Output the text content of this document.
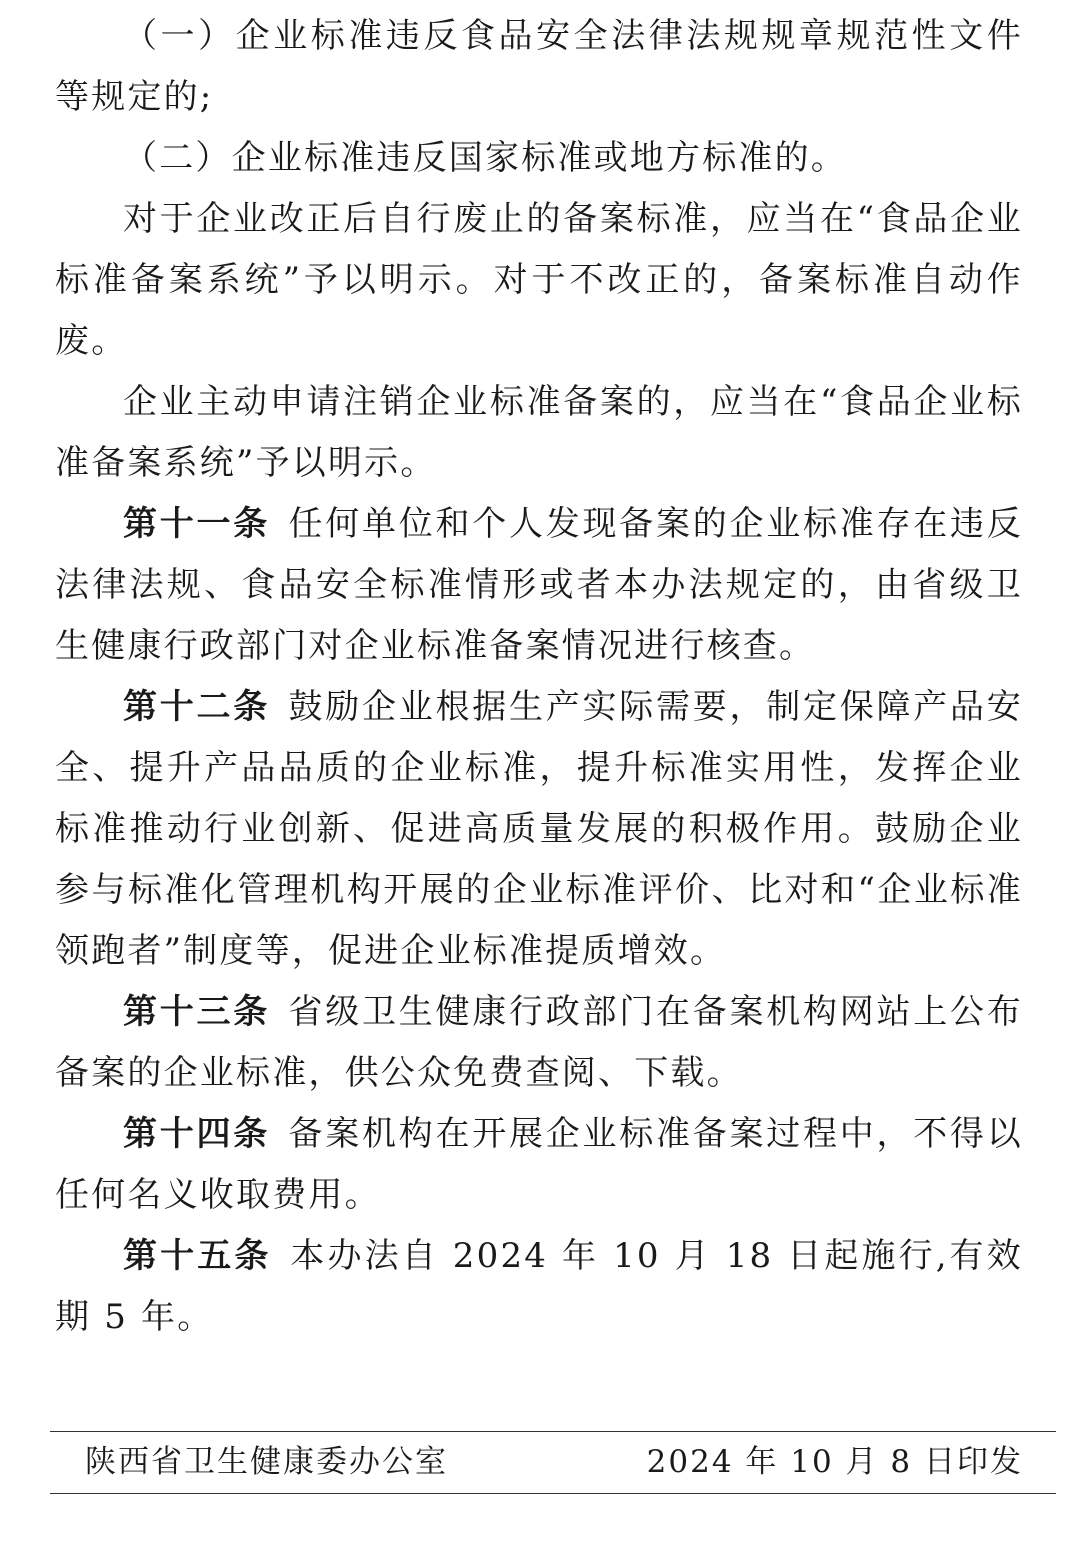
（一）企业标准违反食品安全法律法规规章规范性文件等规定的;

（二）企业标准违反国家标准或地方标准的。

对于企业改正后自行废止的备案标准，应当在“食品企业标准备案系统”予以明示。对于不改正的，备案标准自动作废。

企业主动申请注销企业标准备案的，应当在“食品企业标准备案系统”予以明示。

第十一条 任何单位和个人发现备案的企业标准存在违反法律法规、食品安全标准情形或者本办法规定的，由省级卫生健康行政部门对企业标准备案情况进行核查。

第十二条 鼓励企业根据生产实际需要，制定保障产品安全、提升产品品质的企业标准，提升标准实用性，发挥企业标准推动行业创新、促进高质量发展的积极作用。鼓励企业参与标准化管理机构开展的企业标准评价、比对和“企业标准领跑者”制度等，促进企业标准提质增效。

第十三条 省级卫生健康行政部门在备案机构网站上公布备案的企业标准，供公众免费查阅、下载。

第十四条 备案机构在开展企业标准备案过程中，不得以任何名义收取费用。

第十五条 本办法自 2024 年 10 月 18 日起施行,有效期 5 年。

陕西省卫生健康委办公室	2024 年 10 月 8 日印发
